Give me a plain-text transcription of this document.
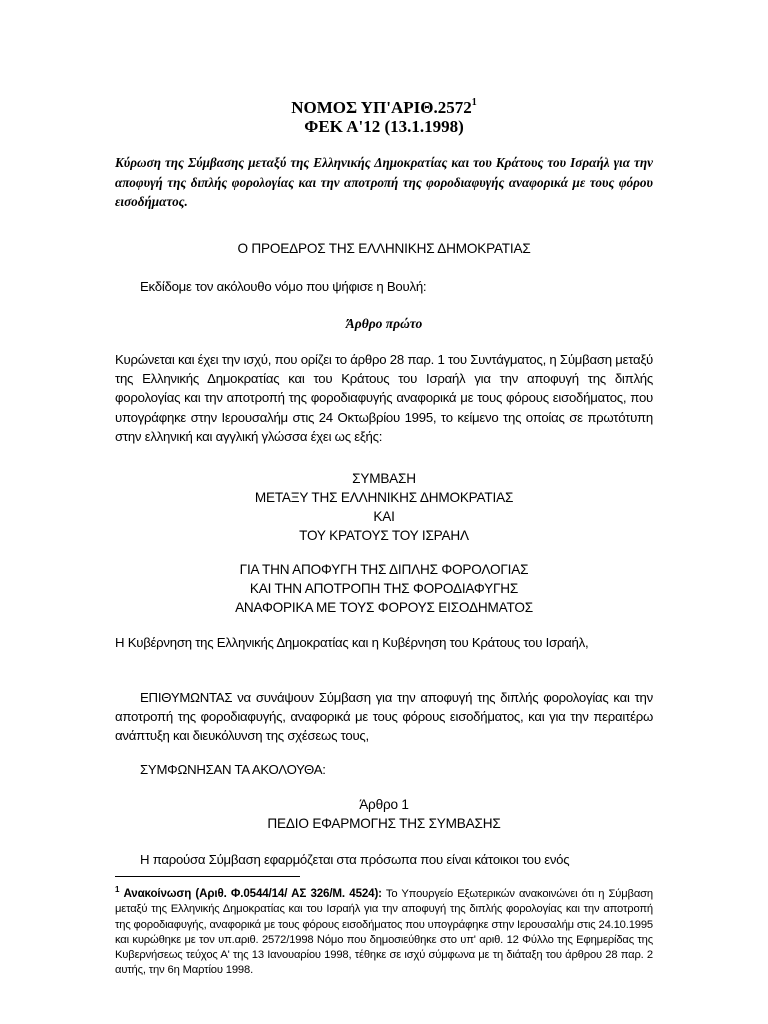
ΝΟΜΟΣ ΥΠ'ΑΡΙΘ.2572$^1$
ΦΕΚ Α'12 (13.1.1998)
Κύρωση της Σύμβασης μεταξύ της Ελληνικής Δημοκρατίας και του Κράτους του Ισραήλ για την αποφυγή της διπλής φορολογίας και την αποτροπή της φοροδιαφυγής αναφορικά με τους φόρου εισοδήματος.
Ο ΠΡΟΕΔΡΟΣ ΤΗΣ ΕΛΛΗΝΙΚΗΣ ΔΗΜΟΚΡΑΤΙΑΣ
Εκδίδομε τον ακόλουθο νόμο που ψήφισε η Βουλή:
Άρθρο πρώτο
Κυρώνεται και έχει την ισχύ, που ορίζει το άρθρο 28 παρ. 1 του Συντάγματος, η Σύμβαση μεταξύ της Ελληνικής Δημοκρατίας και του Κράτους του Ισραήλ για την αποφυγή της διπλής φορολογίας και την αποτροπή της φοροδιαφυγής αναφορικά με τους φόρους εισοδήματος, που υπογράφηκε στην Ιερουσαλήμ στις 24 Οκτωβρίου 1995, το κείμενο της οποίας σε πρωτότυπη στην ελληνική και αγγλική γλώσσα έχει ως εξής:
ΣΥΜΒΑΣΗ
ΜΕΤΑΞΥ ΤΗΣ ΕΛΛΗΝΙΚΗΣ ΔΗΜΟΚΡΑΤΙΑΣ
ΚΑΙ
ΤΟΥ ΚΡΑΤΟΥΣ ΤΟΥ ΙΣΡΑΗΛ
ΓΙΑ ΤΗΝ ΑΠΟΦΥΓΗ ΤΗΣ ΔΙΠΛΗΣ ΦΟΡΟΛΟΓΙΑΣ
ΚΑΙ ΤΗΝ ΑΠΟΤΡΟΠΗ ΤΗΣ ΦΟΡΟΔΙΑΦΥΓΗΣ
ΑΝΑΦΟΡΙΚΑ ΜΕ ΤΟΥΣ ΦΟΡΟΥΣ ΕΙΣΟΔΗΜΑΤΟΣ
Η Κυβέρνηση της Ελληνικής Δημοκρατίας και η Κυβέρνηση του Κράτους του Ισραήλ,
ΕΠΙΘΥΜΩΝΤΑΣ να συνάψουν Σύμβαση για την αποφυγή της διπλής φορολογίας και την αποτροπή της φοροδιαφυγής, αναφορικά με τους φόρους εισοδήματος, και για την περαιτέρω ανάπτυξη και διευκόλυνση της σχέσεως τους,
ΣΥΜΦΩΝΗΣΑΝ ΤΑ ΑΚΟΛΟΥΘΑ:
Άρθρο 1
ΠΕΔΙΟ ΕΦΑΡΜΟΓΗΣ ΤΗΣ ΣΥΜΒΑΣΗΣ
Η παρούσα Σύμβαση εφαρμόζεται στα πρόσωπα που είναι κάτοικοι του ενός
$^1$ Ανακοίνωση (Αριθ. Φ.0544/14/ ΑΣ 326/Μ. 4524): Το Υπουργείο Εξωτερικών ανακοινώνει ότι η Σύμβαση μεταξύ της Ελληνικής Δημοκρατίας και του Ισραήλ για την αποφυγή της διπλής φορολογίας και την αποτροπή της φοροδιαφυγής, αναφορικά με τους φόρους εισοδήματος που υπογράφηκε στην Ιερουσαλήμ στις 24.10.1995 και κυρώθηκε με τον υπ.αριθ. 2572/1998 Νόμο που δημοσιεύθηκε στο υπ' αριθ. 12 Φύλλο της Εφημερίδας της Κυβερνήσεως τεύχος Α' της 13 Ιανουαρίου 1998, τέθηκε σε ισχύ σύμφωνα με τη διάταξη του άρθρου 28 παρ. 2 αυτής, την 6η Μαρτίου 1998.
